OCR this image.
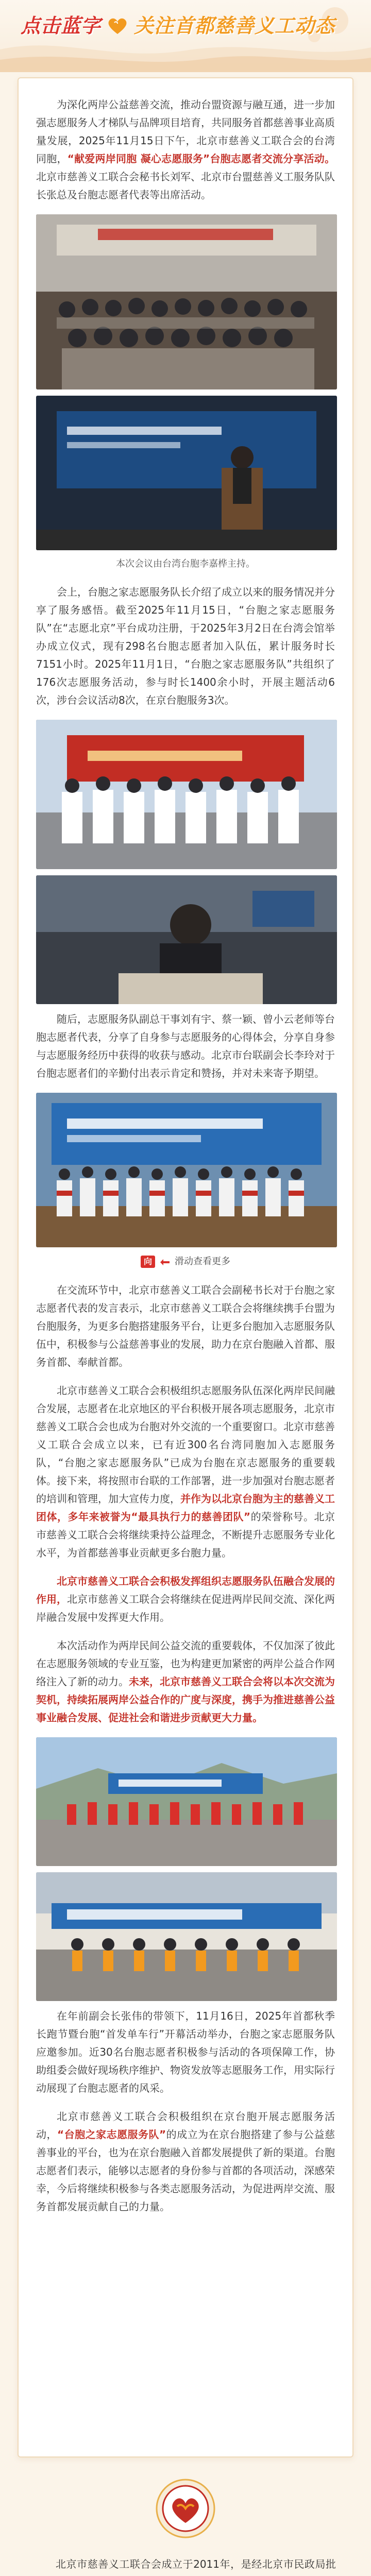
点击蓝字 关注首都慈善义工动态

为深化两岸公益慈善交流，推动台盟资源与融互通，进一步加强志愿服务人才梯队与品牌项目培育，共同服务首都慈善事业高质量发展，2025年11月15日下午，北京市慈善义工联合会的台湾同胞，“献爱两岸同胞 凝心志愿服务”台胞志愿者交流分享活动。北京市慈善义工联合会秘书长刘军、北京市台盟慈善义工服务队队长张总及台胞志愿者代表等出席活动。

本次会议由台湾台胞李嘉桦主持。

会上，台胞之家志愿服务队长介绍了成立以来的服务情况并分享了服务感悟。截至2025年11月15日，“台胞之家志愿服务队”在“志愿北京”平台成功注册，于2025年3月2日在台湾会馆举办成立仪式，现有298名台胞志愿者加入队伍，累计服务时长7151小时。2025年11月1日，“台胞之家志愿服务队”共组织了176次志愿服务活动，参与时长1400余小时，开展主题活动6次，涉台会议活动8次，在京台胞服务3次。

随后，志愿服务队副总干事刘有宇、蔡一颖、曾小云老师等台胞志愿者代表，分享了自身参与志愿服务的心得体会，分享自身参与志愿服务经历中获得的收获与感动。北京市台联副会长李玲对于台胞志愿者们的辛勤付出表示肯定和赞扬，并对未来寄予期望。

向	滑动查看更多

在交流环节中，北京市慈善义工联合会副秘书长对于台胞之家志愿者代表的发言表示，北京市慈善义工联合会将继续携手台盟为台胞服务，为更多台胞搭建服务平台，让更多台胞加入志愿服务队伍中，积极参与公益慈善事业的发展，助力在京台胞融入首都、服务首都、奉献首都。

北京市慈善义工联合会积极组织志愿服务队伍深化两岸民间融合发展，志愿者在北京地区的平台积极开展各项志愿服务，北京市慈善义工联合会也成为台胞对外交流的一个重要窗口。北京市慈善义工联合会成立以来，已有近300名台湾同胞加入志愿服务队，“台胞之家志愿服务队”已成为台胞在京志愿服务的重要载体。接下来，将按照市台联的工作部署，进一步加强对台胞志愿者的培训和管理，加大宣传力度，并作为以北京台胞为主的慈善义工团体，多年来被誉为“最具执行力的慈善团队”的荣誉称号。北京市慈善义工联合会将继续秉持公益理念，不断提升志愿服务专业化水平，为首都慈善事业贡献更多台胞力量。

北京市慈善义工联合会积极发挥组织志愿服务队伍融合发展的作用，北京市慈善义工联合会将继续在促进两岸民间交流、深化两岸融合发展中发挥更大作用。

本次活动作为两岸民间公益交流的重要载体，不仅加深了彼此在志愿服务领域的专业互鉴，也为构建更加紧密的两岸公益合作网络注入了新的动力。未来，北京市慈善义工联合会将以本次交流为契机，持续拓展两岸公益合作的广度与深度，携手为推进慈善公益事业融合发展、促进社会和谐进步贡献更大力量。

在年前副会长张伟的带领下，11月16日，2025年首都秋季长跑节暨台胞“首发单车行”开幕活动举办，台胞之家志愿服务队应邀参加。近30名台胞志愿者积极参与活动的各项保障工作，协助组委会做好现场秩序维护、物资发放等志愿服务工作，用实际行动展现了台胞志愿者的风采。

北京市慈善义工联合会积极组织在京台胞开展志愿服务活动，“台胞之家志愿服务队”的成立为在京台胞搭建了参与公益慈善事业的平台，也为在京台胞融入首都发展提供了新的渠道。台胞志愿者们表示，能够以志愿者的身份参与首都的各项活动，深感荣幸，今后将继续积极参与各类志愿服务活动，为促进两岸交流、服务首都发展贡献自己的力量。

北京市慈善义工联合会成立于2011年，是经北京市民政局批
